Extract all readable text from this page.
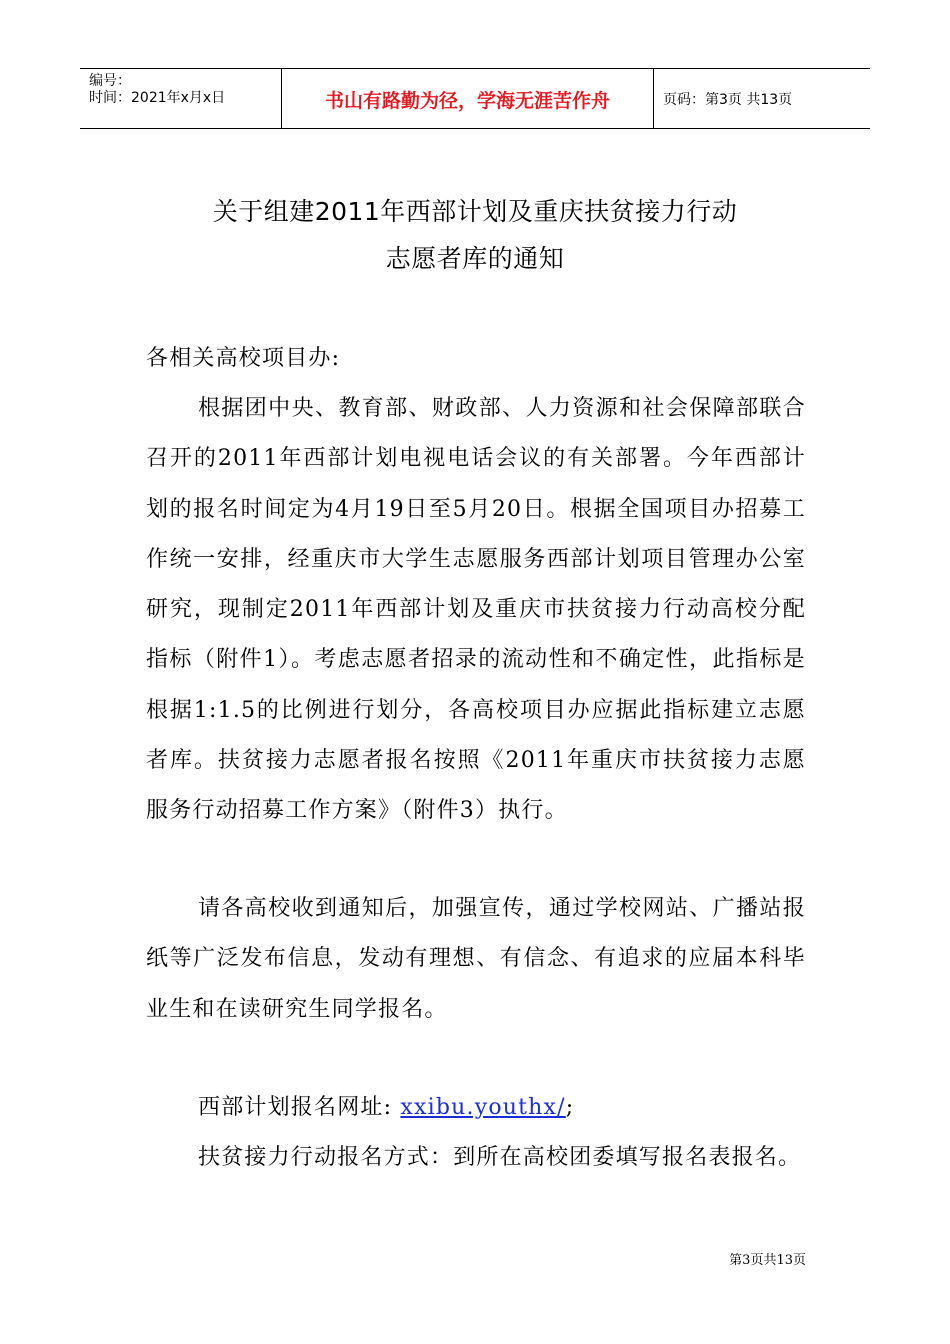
编号：
时间：2021年x月x日	书山有路勤为径，学海无涯苦作舟	页码：第3页 共13页
关于组建2011年西部计划及重庆扶贫接力行动
志愿者库的通知
各相关高校项目办:
根据团中央、教育部、财政部、人力资源和社会保障部联合召开的2011年西部计划电视电话会议的有关部署。今年西部计划的报名时间定为4月19日至5月20日。根据全国项目办招募工作统一安排，经重庆市大学生志愿服务西部计划项目管理办公室研究，现制定2011年西部计划及重庆市扶贫接力行动高校分配指标（附件1）。考虑志愿者招录的流动性和不确定性，此指标是根据1:1.5的比例进行划分，各高校项目办应据此指标建立志愿者库。扶贫接力志愿者报名按照《2011年重庆市扶贫接力志愿服务行动招募工作方案》（附件3）执行。
请各高校收到通知后，加强宣传，通过学校网站、广播站报纸等广泛发布信息，发动有理想、有信念、有追求的应届本科毕业生和在读研究生同学报名。
西部计划报名网址: xxibu.youthx/;
扶贫接力行动报名方式：到所在高校团委填写报名表报名。
第3页共13页
